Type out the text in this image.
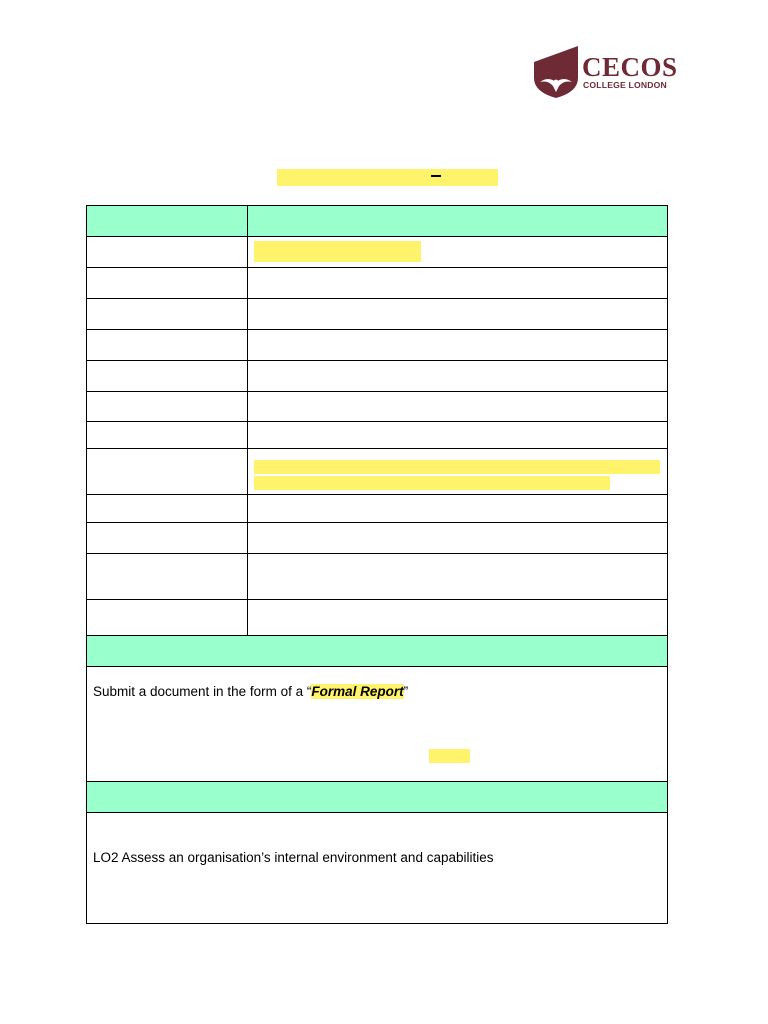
CECOS
COLLEGE LONDON
Submit a document in the form of a “Formal Report”
LO2 Assess an organisation’s internal environment and capabilities
